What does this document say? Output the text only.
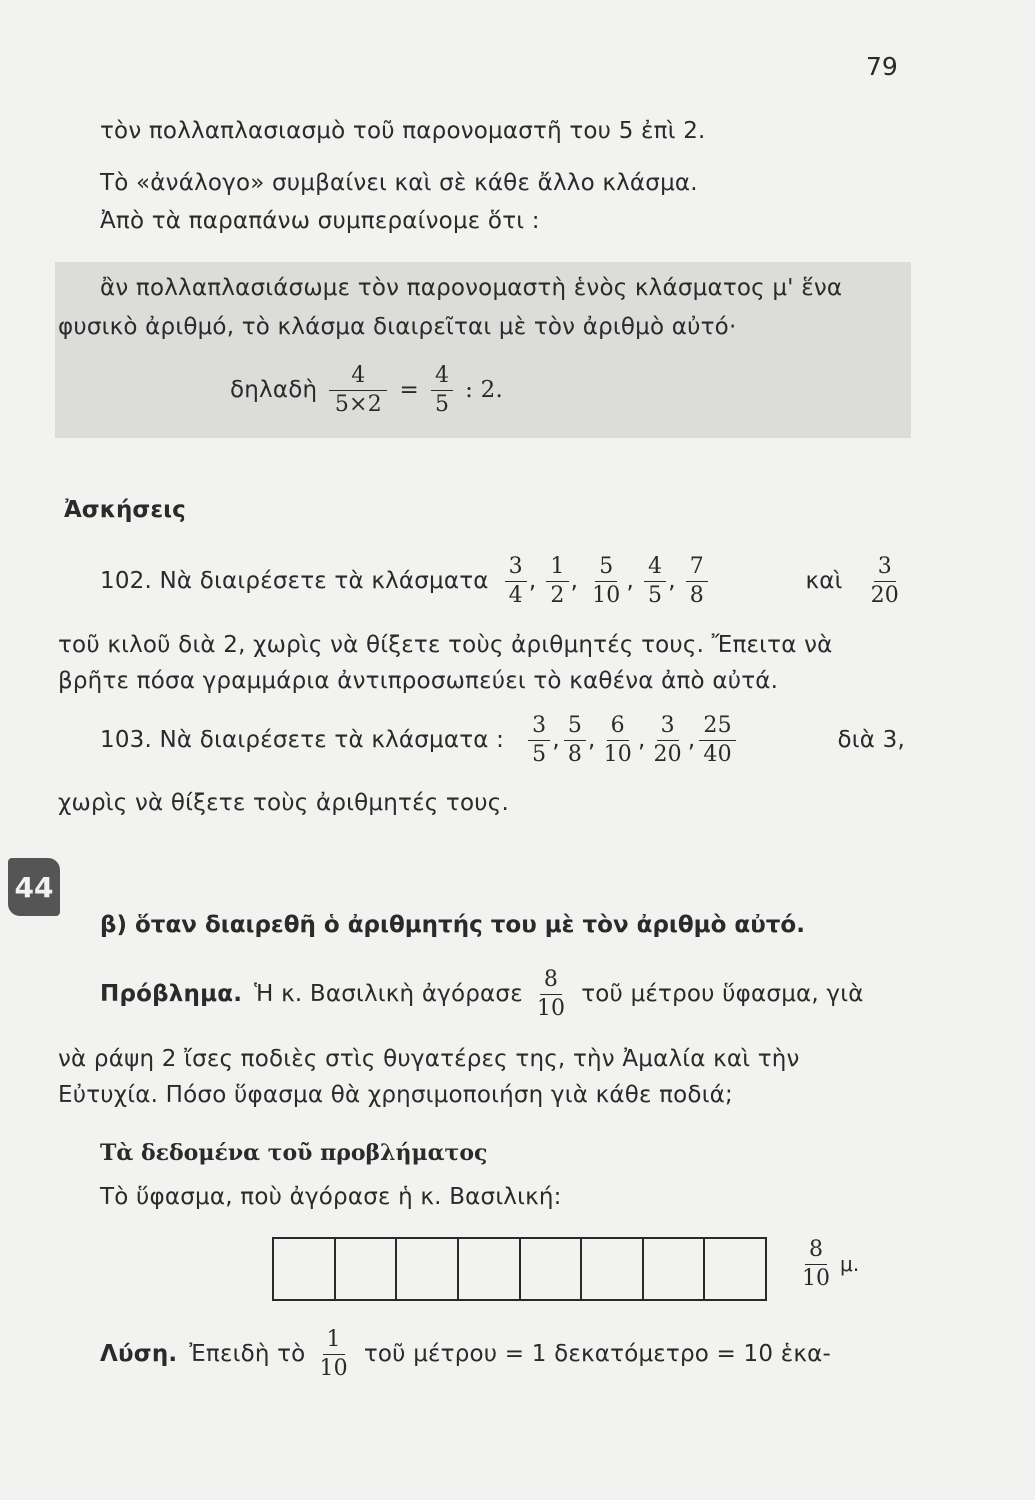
79
τὸν πολλαπλασιασμὸ τοῦ παρονομαστῆ του 5 ἐπὶ 2.
Τὸ «ἀνάλογο» συμβαίνει καὶ σὲ κάθε ἄλλο κλάσμα.
Ἀπὸ τὰ παραπάνω συμπεραίνομε ὅτι :
ἂν πολλαπλασιάσωμε τὸν παρονομαστὴ ἑνὸς κλάσματος μ' ἕνα
φυσικὸ ἀριθμό, τὸ κλάσμα διαιρεῖται μὲ τὸν ἀριθμὸ αὐτό·
δηλαδὴ $\frac{4}{5\times 2} = \frac{4}{5}$ : 2.
Ἀσκήσεις
102. Νὰ διαιρέσετε τὰ κλάσματα $\frac{3}{4}$ , $\frac{1}{2}$ , $\frac{5}{10}$ , $\frac{4}{5}$ , $\frac{7}{8}$	καὶ $\frac{3}{20}$
τοῦ κιλοῦ διὰ 2, χωρὶς νὰ θίξετε τοὺς ἀριθμητές τους. Ἔπειτα νὰ
βρῆτε πόσα γραμμάρια ἀντιπροσωπεύει τὸ καθένα ἀπὸ αὐτά.
103. Νὰ διαιρέσετε τὰ κλάσματα : $\frac{3}{5}$ , $\frac{5}{8}$ , $\frac{6}{10}$ , $\frac{3}{20}$ , $\frac{25}{40}$	διὰ 3,
χωρὶς νὰ θίξετε τοὺς ἀριθμητές τους.
44
β) ὅταν διαιρεθῆ ὁ ἀριθμητής του μὲ τὸν ἀριθμὸ αὐτό.
Πρόβλημα. Ἡ κ. Βασιλικὴ ἀγόρασε $\frac{8}{10}$ τοῦ μέτρου ὕφασμα, γιὰ
νὰ ράψη 2 ἴσες ποδιὲς στὶς θυγατέρες της, τὴν Ἀμαλία καὶ τὴν
Εὐτυχία. Πόσο ὕφασμα θὰ χρησιμοποιήση γιὰ κάθε ποδιά;
Τὰ δεδομένα τοῦ προβλήματος
Τὸ ὕφασμα, ποὺ ἀγόρασε ἡ κ. Βασιλική:
$\frac{8}{10} \mu$.
Λύση. Ἐπειδὴ τὸ $\frac{1}{10}$ τοῦ μέτρου = 1 δεκατόμετρο = 10 ἑκα-
